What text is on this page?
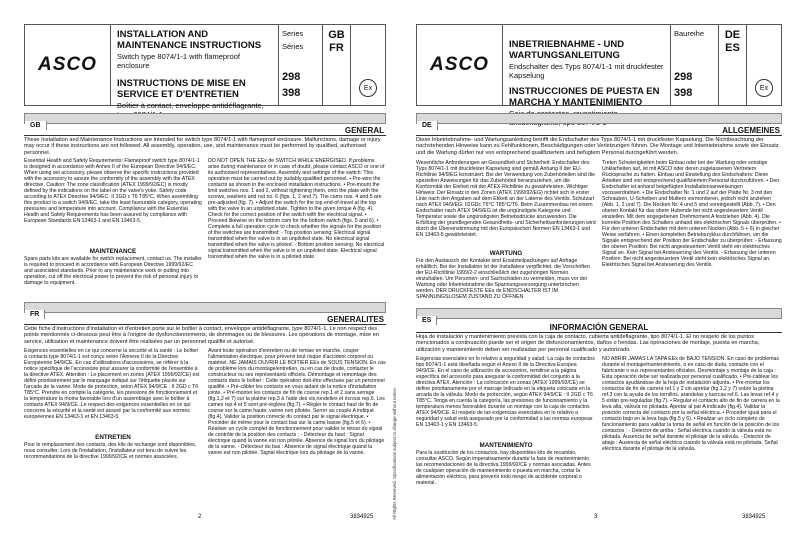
ASCO
INSTALLATION AND MAINTENANCE INSTRUCTIONS
Switch type 8074/1-1 with flameproof enclosure
INSTRUCTIONS DE MISE EN SERVICE ET D'ENTRETIEN
Boîtier à contact, enveloppe antidéflagrante,
Series
Séries
298
398
GB
FR
Ex
GB
GENERAL
These Installation and Maintenance Instructions are intended for switch type 8074/1-1 with flameproof enclosure. Malfunctions, damage or injury may occur if these instructions are not followed. All assembly, operation, use, and maintenance must be performed by qualified, authorised personnel.
Essential Health and Safety Requirements: Flameproof switch type 8074/1-1 is designed in accordance with Annex II of the European Directive 94/9/EC. When using set accessory, please observe the specific instructions provided with the accessory to assure the conformity of the assembly with the ATEX directive. Caution: The zone classification (ATEX 1999/92/EC) is mostly defined by the indications on the label on the valve's yoke. Safety code according to ATEX Directive 94/9/EC: II 2GD c T6 T85°C. When assembling this product to a switch 94/9/EC, take the least favourable category, operating pressures and temperature into account. Compliance with the Essential Health and Safety Requirements has been assured by compliance with European Standards EN 13463-1 and EN 13463-5.
MAINTENANCE
Spare parts kits are available for switch replacement, contact us. The installer is required to proceed in accordance with European Directive 1999/92/EC and associated standards. Prior to any maintenance work or putting into operation, cut off the electrical power to prevent the risk of personal injury or damage to equipment.
DO NOT OPEN THE EEx de SWITCH WHILE ENERGISED. If problems arise during maintenance or in case of doubt, please contact ASCO or one of its authorised representatives. Assembly and settings of the switch: This operation must be carried out by suitably qualified personnel. • Pre-wire the contacts as shown in the enclosed installation instructions. • Pre-mount the limit switches nos. 1 and 2, without tightening them, onto the plate with the screws, washers and nut no. 6 (figs. 1, 2 and 7). The cams nos. 4 and 5 are pre-adjusted (fig. 7). • Adjust the switch for the top end-of-travel at the top with the valve in an unpiloted state. Tighten to the given torque A (fig. 4). Check for the correct position of the switch with the electrical signal. • Proceed likewise on the bottom cam for the bottom switch (figs. 5 and 6). • Complete a full operation cycle to check whether the signals for the position of the switches are transmitted: - Top position sensing: Electrical signal transmitted when the valve is in an unpiloted state. No electrical signal transmitted when the valve is piloted. - Bottom position sensing: No electrical signal transmitted when the valve is in an unpiloted state. Electrical signal transmitted when the valve is in a piloted state.
FR
GENERALITES
Cette fiche d'instructions d'installation et d'entretien porte sur le boîtier à contact, enveloppe antidéflagrante, type 8074/1-1. Le non respect des points mentionnés ci-dessous peut être à l'origine de dysfonctionnements, de dommages ou de blessures. Les opérations de montage, mise en service, utilisation et maintenance doivent être réalisées par un personnel qualifié et autorisé.
Exigences essentielles en ce qui concerne la sécurité et la santé : Le boîtier à contacts type 8074/1-1 est conçu selon l'Annexe II de la Directive Européenne 94/9/CE. En cas d'utilisations d'accessoires, se référer à la notice spécifique de l'accessoire pour assurer la conformité de l'ensemble à la directive ATEX. Attention : Le placement en zones (ATEX 1999/92/CE) est défini prioritairement par le marquage indiqué sur l'étiquette placée sur l'arcade de la vanne. Mode de protection, selon ATEX 94/9/CE : II 2GD c T6 T85°C. Prendre en compte la catégorie, les pressions de fonctionnement et la température la moins favorable lors d'un assemblage avec le boîtier à contacts ATEX 94/9/CE. Le respect des exigences essentielles en ce qui concerne la sécurité et la santé est assuré par la conformité aux normes européennes EN 13463-1 et EN 13463-5.
ENTRETIEN
Pour le remplacement des contacts, des kits de rechange sont disponibles, nous consulter. Lors de l'installation, l'installateur est tenu de suivre les recommandations de la directive 1999/92/CE et normes associées.
Avant toute opération d'entretien ou de remise en marche, couper l'alimentation électrique, pour prévenir tout risque d'accident corporel ou matériel. NE JAMAIS OUVRIR LE BOITIER EEx de SOUS TENSION. En cas de problème lors du montage/entretien, ou en cas de doute, contacter le constructeur ou ses représentants officiels. Démontage et remontage des contacts dans le boîtier : Cette opération doit-être effectuée par un personnel qualifié. • Pré-câbler les contacts en vous aidant de la notice d'installation jointe. • Pré-monter les contacts de fin de course rep.1 et 2 sans serrage (fig.1,2 et 7) sur la platine rep.3 à l'aide des vis,rondelles et écrous rep.6. Les cames rep.4 et 5 sont pré-réglées (fig.7). • Régler le contact haut de fin de course sur la came haute, vanne non pilotée. Serrer au couple A indiqué (fig.4). Valider la position correcte du contact par le signal électrique. • Procéder de même pour le contact bas sur la came basse (fig.5 et 6). • Réaliser un cycle complet de fonctionnement pour valider le retour du signal de contrôle de la position des contacts : - Détecteur du haut : Signal électrique quand la vanne est non pilotée. Absence de signal lors du pilotage de la vanne. - Détecteur du bas : Absence de signal électrique quand la vanne est non pilotée. Signal électrique lors du pilotage de la vanne.	All Rights Reserved. Specifications subject to change without notice.
2	3834925
ASCO
INBETRIEBNAHME - UND WARTUNGSANLEITUNG
Endschalter des Typs 8074/1-1 mit druckfester Kapselung
INSTRUCCIONES DE PUESTA EN MARCHA Y MANTENIMIENTO
Baureihe
298
398
DE
ES
Ex
DE
ALLGEMEINES
Diese Inbetriebnahme- und Wartungsanleitung betrifft die Endschalter des Typs 8074/1-1 mit druckfester Kapselung. Die Nichtbeachtung der nachstehenden Hinweise kann zu Fehlfunktionen, Beschädigungen oder Verletzungen führen. Die Montage und Inbetriebnahme sowie der Einsatz und die Wartung dürfen nur von entsprechend qualifiziertem und befugtem Personal durchgeführt werden.
Wesentliche Anforderungen an Gesundheit und Sicherheit: Endschalter des Typs 8074/1-1 mit druckfester Kapselung sind gemäß Anhang II der EU-Richtlinie 94/9/EG konstruiert. Bei der Verwendung von Zubehörteilen sind die speziellen Anweisungen für das Zubehörteil heranzuziehen, um die Konformität der Einheit mit der ATEX-Richtlinie zu gewährleisten. Wichtiger Hinweis: Der Einsatz in den Zonen (ATEX 1999/92/EG) richtet sich in erster Linie nach den Angaben auf dem Etikett an der Laterne des Ventils. Schutzart nach ATEX 94/9/EG: II2GDc T6°C T85°C/T6. Beim Zusammenbau mit einem Endschalter nach ATEX 94/9/EG ist die ungünstigste Kategorie und Temperatur sowie die ungünstigsten Betriebsdrücke anzuwenden. Die Erfüllung der grundlegenden Gesundheits- und Sicherheitsanforderungen wird durch die Übereinstimmung mit den Europäischen Normen EN 13463-1 und EN 13463-5 gewährleistet.
WARTUNG
Für den Austausch der Kontakte sind Ersatzteilpackungen auf Anfrage erhältlich. Bei der Installation ist der Installateur verpflichtet, die Vorschriften der EU-Richtlinie 1999/2-2 einschließlich der zugehörigen Normen einzuhalten. Um Personen- und Sachschäden zu vermeiden, muss vor der Wartung oder Inbetriebnahme die Spannungsversorgung unterbrochen werden. DER DRUCKFESTE EEx de ENDSCHALTER IST IM SPANNUNGSLOSEM ZUSTAND ZU ÖFFNEN
Treten Schwierigkeiten beim Einbau oder bei der Wartung oder sonstige Unklarheiten auf, ist mit ASCO oder deren zugelassenen Vertretern Rücksprache zu halten. Einbau und Einstellung des Endschalters: Diese Arbeiten sind von entsprechend qualifiziertem Personal durchzuführen. • Den Endschalter ist anhand beigefügten Installationsanweisungen vorzuverdrahten. • Die Endschalter Nr. 1 und 2 auf der Platte Nr. 3 mit den Schrauben, U-Scheiben und Muttern vormontieren, jedoch nicht anziehen (Abb. 1, 2 und 7). Die Nocken Nr. 4 und 5 sind voreingestellt (Abb. 7). • Den oberen Kontakt für das obere Hubende bei nicht angesteuertem Ventil einstellen. Mit dem angegebenen Drehmoment A festziehen (Abb. 4). Die korrekte Position des Schalters anhand des elektrischen Signals überprüfen. • Für den unteren Endschalter mit dem unteren Nocken (Abb. 5 + 6) in gleicher Weise verfahren. • Einen kompletten Betriebszyklus durchführen, um die Signale entsprechend der Position der Endschalter zu überprüfen: - Erfassung der oberen Position: Bei nicht angesteuertem Ventil steht ein elektrisches Signal an. Kein Signal bei Ansteuerung des Ventils. - Erfassung der unteren Position: Bei nicht angesteuertem Ventil steht kein elektrisches Signal an. Elektrisches Signal bei Ansteuerung des Ventils.
ES
INFORMACIÓN GENERAL
Hoja de instalación y mantenimiento prevista con la caja de contacto, cubierta antideflagrante, tipo 8074/1-1. El no respeto de los puntos mencionados a continuación puede ser el origen de disfuncionamientos, daños o heridas. Las operaciones de montaje, puesta en marcha, utilización y mantenimiento deben ser realizadas por personal cualificado y autorizado.
Exigencias esenciales en lo relativo a seguridad y salud: La caja de contactos tipo 8074/1-1 está diseñada según el Anexo II de la Directiva Europea 94/9/CE. En el caso de utilización de accesorios, remitirse a la página específica del accesorio para asegurar la conformidad del conjunto a la directiva ATEX. Atención : La colocación en zonas (ATEX 1999/92/CE) se define prioritariamente por el marcaje indicado en la etiqueta colocada en la arcada de la válvula. Modo de protección, según ATEX 94/9/CE : II 2GD c T6 T85°C. Tenga en cuenta la categoría, las presiones de funcionamiento y la temperatura menos favorables durante un montaje con la caja de contactos ATEX 94/9/CE. El respeto de las exigencias esenciales en lo relativo a seguridad y salud está asegurado por la conformidad a las normas europeas EN 13463-1 y EN 13463-5.
MANTENIMIENTO
Para la sustitución de los contactos, hay disponibles kits de recambio, consultar ASCO. Según imperativamente durante la fase de mantenimiento las recomendaciones de la directiva 1999/92/CE y normas asociadas. Antes de cualquier operación de mantenimiento o puesta en marcha, cortar la alimentación eléctrica, para prevenir todo riesgo de accidente corporal o material.
NO ABRIR JAMÁS LA TAPA EEx de BAJO TENSIÓN. En caso de problemas durante el montaje/mantenimiento, o en caso de duda, contacte con el fabricante o sus representantes oficiales. Desmontaje y montaje de la caja : Esta operación debe ser realizada por personal cualificado. • Pre-cablear los contactos ayudándose de la hoja de instalación adjunta. • Pre-montar los contactos de fin de carrera ref.1 y 2 sin apretar (fig.1,2 y 7) sobre la pletina ref.3 con la ayuda de los tornillos, arandelas y tuercas ref.6. Las levas ref.4 y 5 están pre-reguladas (fig.7). • Regular el contacto alto de fin de carrera en la leva alta, válvula no pilotada. Apretar al par A indicado (fig.4). Validar la posición correcta del contacto por la señal eléctrica. • Proceder igual para el contacto bajo en la leva baja (fig.5 y 6). • Realizar un ciclo completo de funcionamiento para validar la toma de señal en función de la posición de los contactos : - Detector de arriba : Señal eléctrica cuando la válvula está no pilotada. Ausencia de señal durante el pilotaje de la válvula. - Detector de abajo : Ausencia de señal eléctrica cuando la válvula está no pilotada. Señal eléctrica durante el pilotaje de la válvula.
3	3834925
